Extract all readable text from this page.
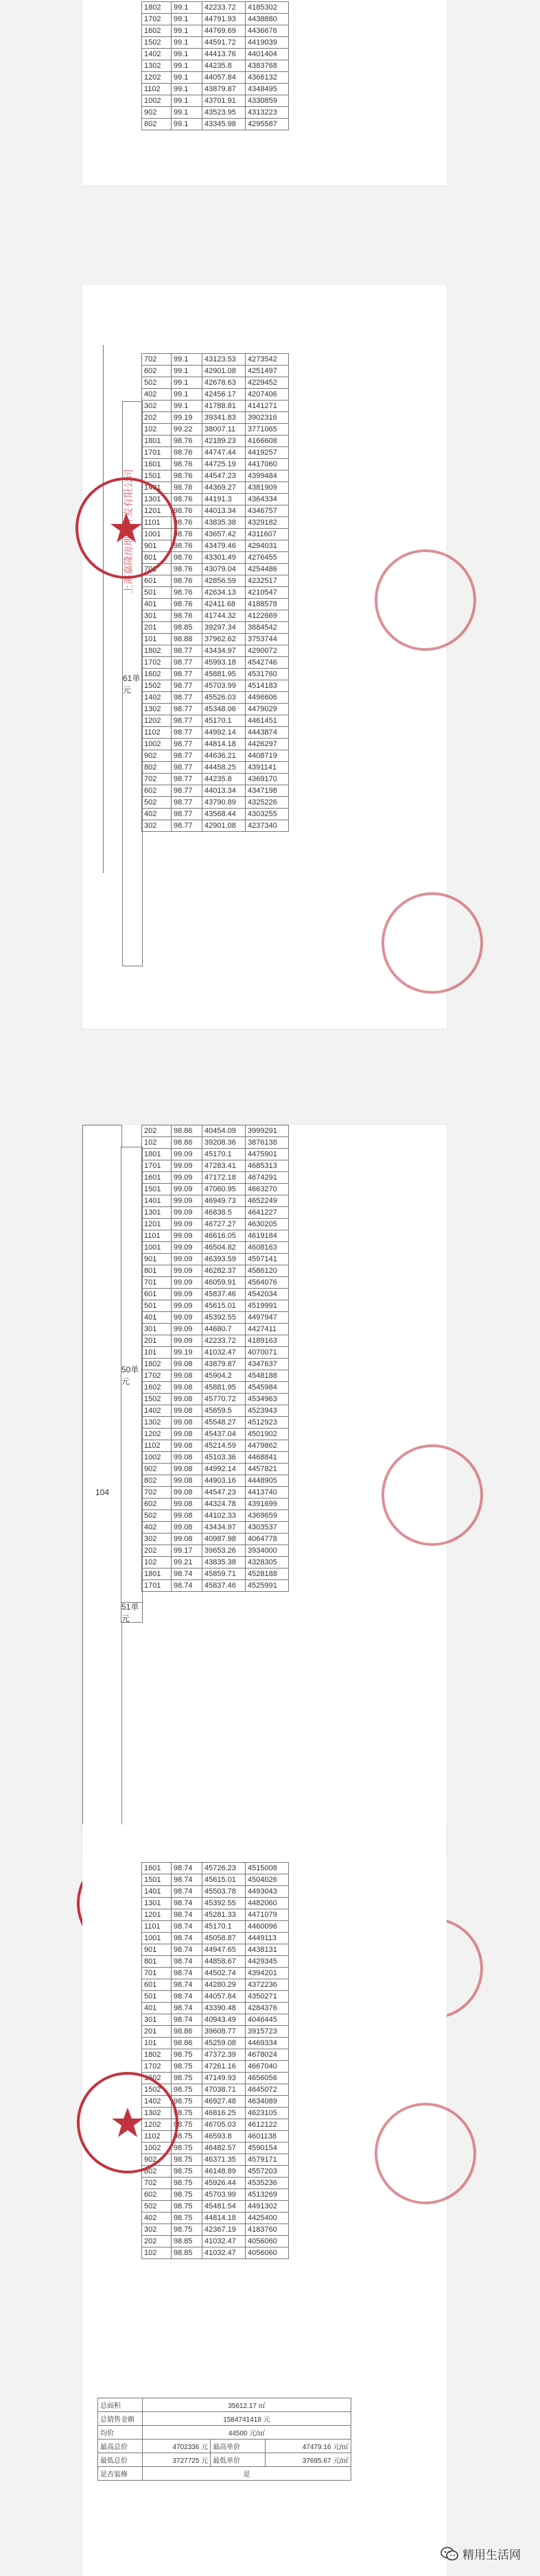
1802	99.1	42233.72	4185302
1702	99.1	44791.93	4438880
1602	99.1	44769.69	4436676
1502	99.1	44591.72	4419039
1402	99.1	44413.76	4401404
1302	99.1	44235.8	4383768
1202	99.1	44057.84	4366132
1102	99.1	43879.87	4348495
1002	99.1	43701.91	4330859
902	99.1	43523.95	4313223
802	99.1	43345.98	4295587
61单元
702	99.1	43123.53	4273542
602	99.1	42901.08	4251497
502	99.1	42678.63	4229452
402	99.1	42456.17	4207406
302	99.1	41788.81	4141271
202	99.19	39341.83	3902316
102	99.22	38007.11	3771065
1801	98.76	42189.23	4166608
1701	98.76	44747.44	4419257
1601	98.76	44725.19	4417060
1501	98.76	44547.23	4399484
1401	98.76	44369.27	4381909
1301	98.76	44191.3	4364334
1201	98.76	44013.34	4346757
1101	98.76	43835.38	4329182
1001	98.76	43657.42	4311607
901	98.76	43479.46	4294031
801	98.76	43301.49	4276455
701	98.76	43079.04	4254486
601	98.76	42856.59	4232517
501	98.76	42634.13	4210547
401	98.76	42411.68	4188578
301	98.76	41744.32	4122669
201	98.85	39297.34	3884542
101	98.88	37962.62	3753744
1802	98.77	43434.97	4290072
1702	98.77	45993.18	4542746
1602	98.77	45881.95	4531760
1502	98.77	45703.99	4514183
1402	98.77	45526.03	4496606
1302	98.77	45348.06	4479029
1202	98.77	45170.1	4461451
1102	98.77	44992.14	4443874
1002	98.77	44814.18	4426297
902	98.77	44636.21	4408719
802	98.77	44458.25	4391141
702	98.77	44235.8	4369170
602	98.77	44013.34	4347198
502	98.77	43790.89	4325226
402	98.77	43568.44	4303255
302	98.77	42901.08	4237340
上海嘉隆房地产开发有限公司
104
50单元
51单元
202	98.86	40454.09	3999291
102	98.86	39208.36	3876138
1801	99.09	45170.1	4475901
1701	99.09	47283.41	4685313
1601	99.09	47172.18	4674291
1501	99.09	47060.95	4663270
1401	99.09	46949.73	4652249
1301	99.09	46838.5	4641227
1201	99.09	46727.27	4630205
1101	99.09	46616.05	4619184
1001	99.09	46504.82	4608163
901	99.09	46393.59	4597141
801	99.09	46282.37	4586120
701	99.09	46059.91	4564076
601	99.09	45837.46	4542034
501	99.09	45615.01	4519991
401	99.09	45392.55	4497947
301	99.09	44680.7	4427411
201	99.09	42233.72	4189163
101	99.19	41032.47	4070071
1802	99.08	43879.87	4347637
1702	99.08	45904.2	4548188
1602	99.08	45881.95	4545984
1502	99.08	45770.72	4534963
1402	99.08	45659.5	4523943
1302	99.08	45548.27	4512923
1202	99.08	45437.04	4501902
1102	99.08	45214.59	4479862
1002	99.08	45103.36	4468841
902	99.08	44992.14	4457821
802	99.08	44903.16	4448905
702	99.08	44547.23	4413740
602	99.08	44324.78	4391699
502	99.08	44102.33	4369659
402	99.08	43434.97	4303537
302	99.08	40987.98	4064778
202	99.17	39653.26	3934000
102	99.21	43835.38	4328305
1801	98.74	45859.71	4528188
1701	98.74	45837.46	4525991
1601	98.74	45726.23	4515008
1501	98.74	45615.01	4504026
1401	98.74	45503.78	4493043
1301	98.74	45392.55	4482060
1201	98.74	45281.33	4471079
1101	98.74	45170.1	4460096
1001	98.74	45058.87	4449113
901	98.74	44947.65	4438131
801	98.74	44858.67	4429345
701	98.74	44502.74	4394201
601	98.74	44280.29	4372236
501	98.74	44057.84	4350271
401	98.74	43390.48	4284376
301	98.74	40943.49	4046445
201	98.86	39608.77	3915723
101	98.86	45259.08	4469334
1802	98.75	47372.39	4678024
1702	98.75	47261.16	4667040
1602	98.75	47149.93	4656056
1502	98.75	47038.71	4645072
1402	98.75	46927.48	4634089
1302	98.75	46816.25	4623105
1202	98.75	46705.03	4612122
1102	98.75	46593.8	4601138
1002	98.75	46482.57	4590154
902	98.75	46371.35	4579171
802	98.75	46148.89	4557203
702	98.75	45926.44	4535236
602	98.75	45703.99	4513269
502	98.75	45481.54	4491302
402	98.75	44814.18	4425400
302	98.75	42367.19	4183760
202	98.85	41032.47	4056060
102	98.85	41032.47	4056060
总面积	35612.17 ㎡		
总销售金额	1584741418 元		
均价	44500 元/㎡		
最高总价	4702336 元	最高单价	47479.16 元/㎡
最低总价	3727725 元	最低单价	37695.67 元/㎡
是否装修	是		
精用生活网
